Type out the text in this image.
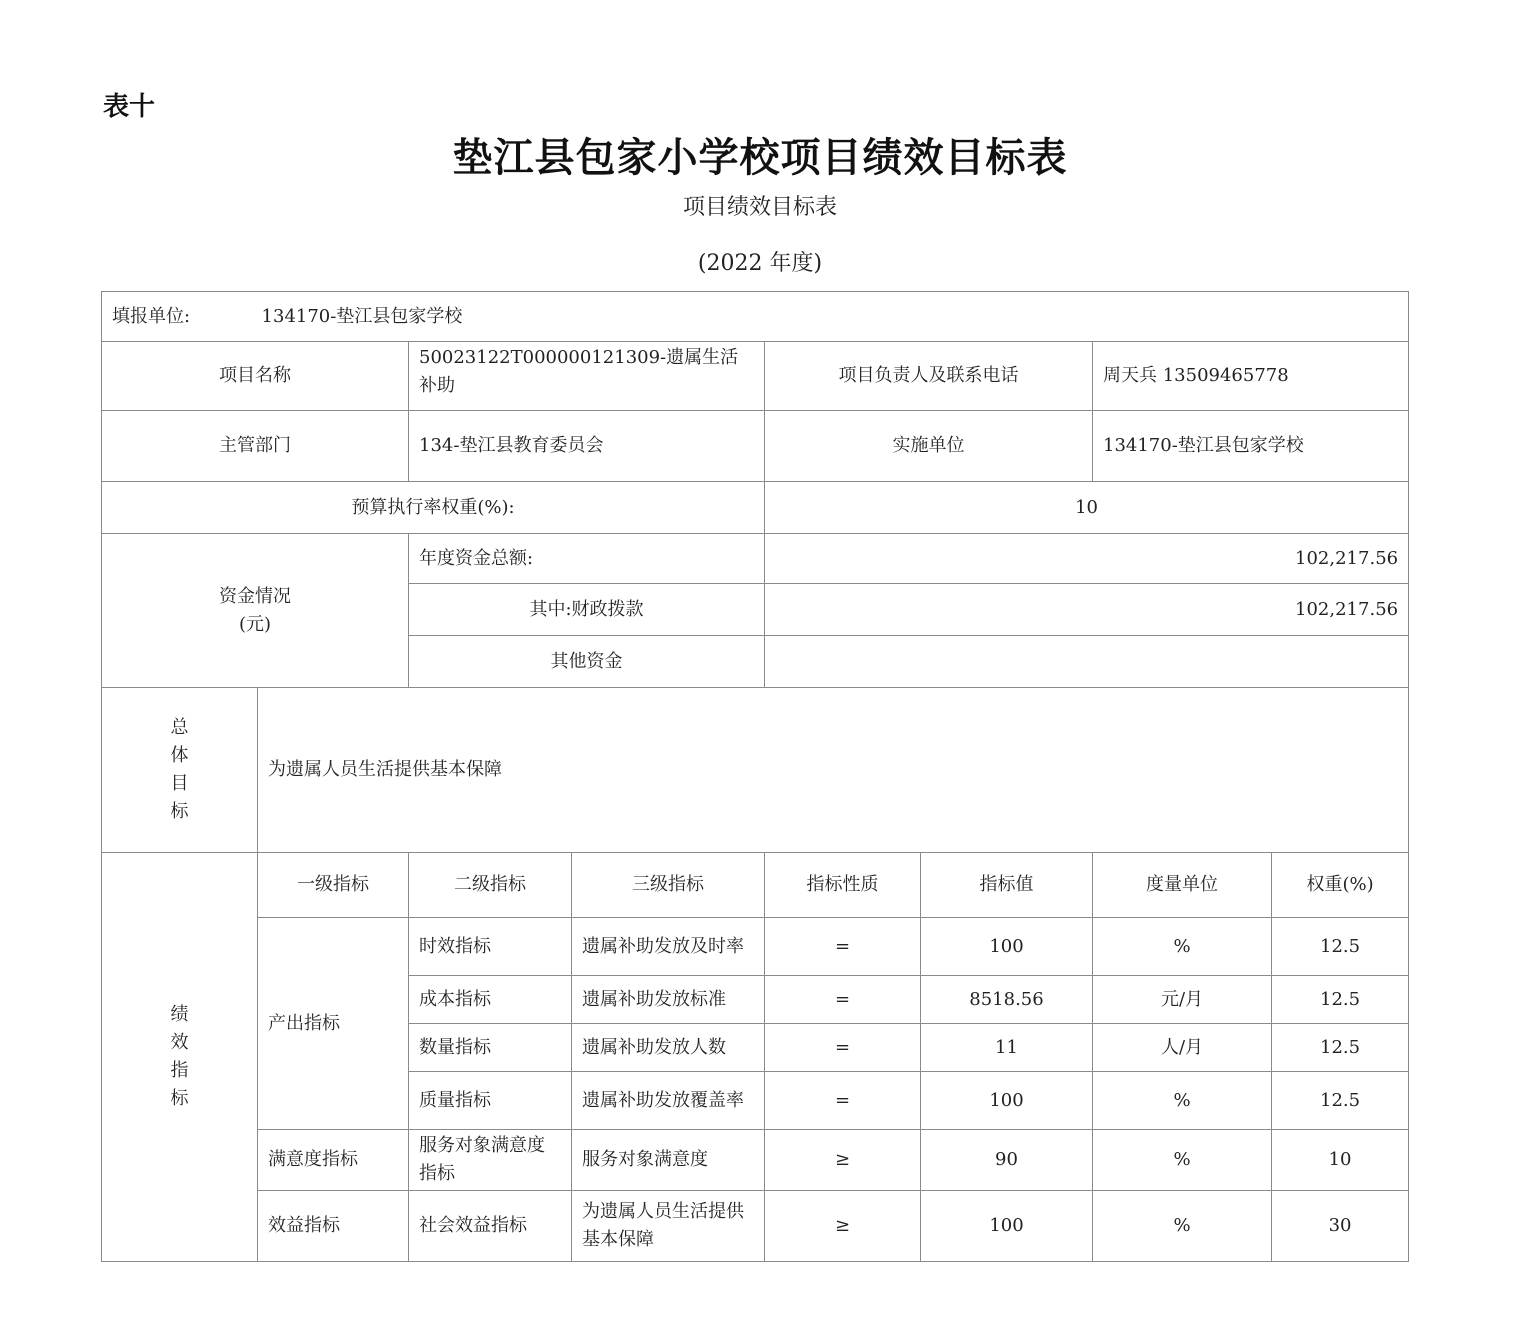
表十
垫江县包家小学校项目绩效目标表
项目绩效目标表
(2022 年度)
填报单位: 134170-垫江县包家学校							
项目名称		50023122T000000121309-遗属生活补助		项目负责人及联系电话		周天兵 13509465778	
主管部门		134-垫江县教育委员会		实施单位		134170-垫江县包家学校	
预算执行率权重(%):				10			

资金情况
(元)		年度资金总额:		102,217.56			
		其中:财政拨款		102,217.56			
		其他资金					

总
体
目
标	为遗属人员生活提供基本保障						

绩
效
指
标	一级指标	二级指标	三级指标	指标性质	指标值	度量单位	权重(%)
	产出指标	时效指标	遗属补助发放及时率	=	100	%	12.5
		成本指标	遗属补助发放标准	=	8518.56	元/月	12.5
		数量指标	遗属补助发放人数	=	11	人/月	12.5
		质量指标	遗属补助发放覆盖率	=	100	%	12.5
	满意度指标	服务对象满意度指标	服务对象满意度	≥	90	%	10
	效益指标	社会效益指标	为遗属人员生活提供基本保障	≥	100	%	30
